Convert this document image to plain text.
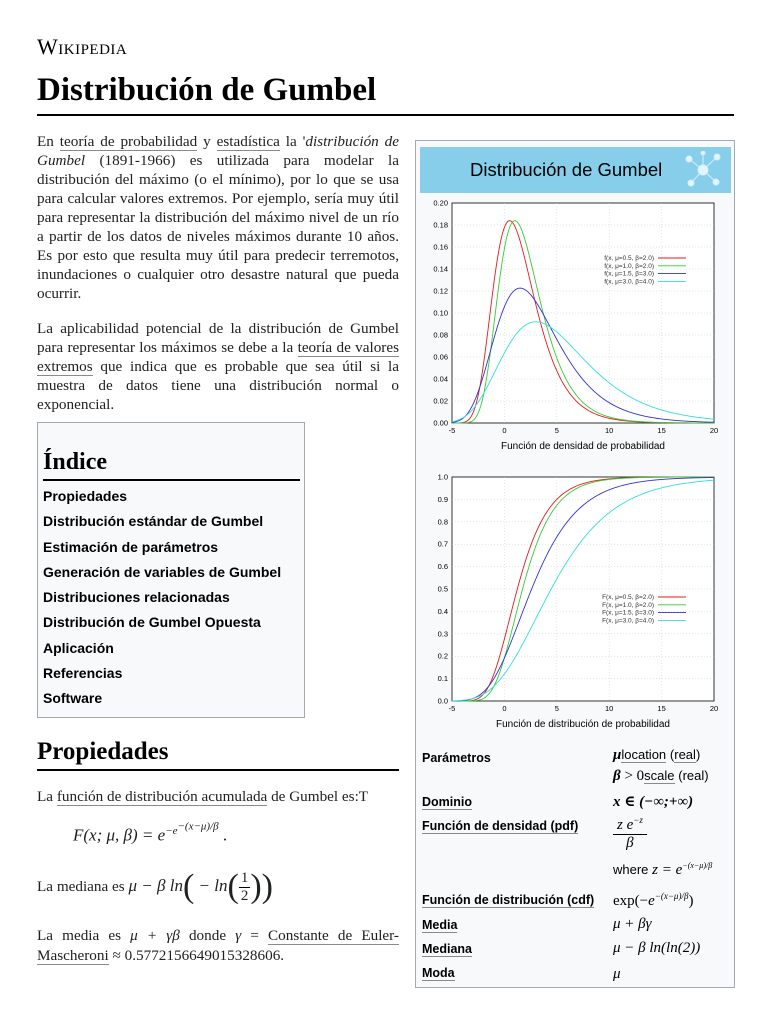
Wikipedia
Distribución de Gumbel

En teoría de probabilidad y estadística la 'distribución de Gumbel (1891-1966) es utilizada para modelar la distribución del máximo (o el mínimo), por lo que se usa para calcular valores extremos. Por ejemplo, sería muy útil para representar la distribución del máximo nivel de un río a partir de los datos de niveles máximos durante 10 años. Es por esto que resulta muy útil para predecir terremotos, inundaciones o cualquier otro desastre natural que pueda ocurrir.

La aplicabilidad potencial de la distribución de Gumbel para representar los máximos se debe a la teoría de valores extremos que indica que es probable que sea útil si la muestra de datos tiene una distribución normal o exponencial.

Índice
Propiedades
Distribución estándar de Gumbel
Estimación de parámetros
Generación de variables de Gumbel
Distribuciones relacionadas
Distribución de Gumbel Opuesta
Aplicación
Referencias
Software
Propiedades
La función de distribución acumulada de Gumbel es:T
F(x; μ, $\beta) = e^{-e^{-(x-\mu)/\beta}}$ .
La mediana es μ − β $\ln( - \ln( \frac{1}{2}$ ))
La media es μ + γβ donde γ = Constante de Euler-Mascheroni ≈ 0.5772156649015328606.
Distribución de Gumbel
0.00
0.02
0.04
0.06
0.08
0.10
0.12
0.14
0.16
0.18
0.20
-5	0	5	10	15	20
f(x, μ=0.5, β=2.0)
f(x, μ=1.0, β=2.0)
f(x, μ=1.5, β=3.0)
f(x, μ=3.0, β=4.0)
Función de densidad de probabilidad
0.0
0.1
0.2
0.3
0.4
0.5
0.6
0.7
0.8
0.9
1.0
-5	0	5	10	15	20
F(x, μ=0.5, β=2.0)
F(x, μ=1.0, β=2.0)
F(x, μ=1.5, β=3.0)
F(x, μ=3.0, β=4.0)
Función de distribución de probabilidad
Parámetros	μlocation (real)
β > 0scale (real)
Dominio	x ∈ (−∞;+∞)
Función de densidad $(pdf) \frac{z e^{-z}}{\beta}$
where $z = e^{-(x-\mu)/\beta}$
Función de distribución (cdf) $\exp(-e^{-(x-\mu)/\beta})$
Media	μ + βγ
Mediana	μ − β ln(ln(2))
Moda	μ
